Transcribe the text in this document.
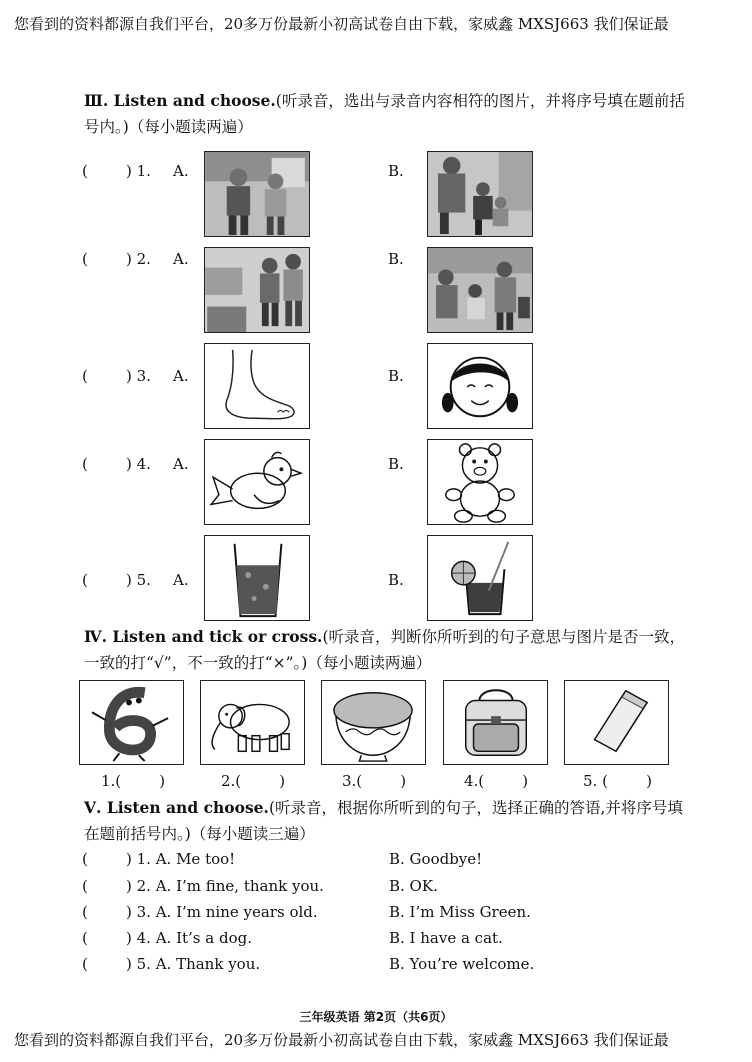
您看到的资料都源自我们平台，20多万份最新小初高试卷自由下载，家威鑫 MXSJ663 我们保证最
Ⅲ. Listen and choose.(听录音，选出与录音内容相符的图片，并将序号填在题前括号内。)（每小题读两遍）
(        ) 1. A.	B.
(        ) 2. A.	B.
(        ) 3. A.	B.
(        ) 4. A.	B.
(        ) 5. A.	B.
Ⅳ. Listen and tick or cross.(听录音，判断你所听到的句子意思与图片是否一致，一致的打“√”，不一致的打“×”。)（每小题读两遍）
1.(        )	2.(        )	3.(        )	4.(        )	5. (        )
Ⅴ. Listen and choose.(听录音，根据你所听到的句子，选择正确的答语,并将序号填在题前括号内。)（每小题读三遍）
(        ) 1. A. Me too!	B. Goodbye!
(        ) 2. A. I’m fine, thank you.	B. OK.
(        ) 3. A. I’m nine years old.	B. I’m Miss Green.
(        ) 4. A. It’s a dog.	B. I have a cat.
(        ) 5. A. Thank you.	B. You’re welcome.
三年级英语 第2页（共6页）
您看到的资料都源自我们平台，20多万份最新小初高试卷自由下载，家威鑫 MXSJ663 我们保证最
